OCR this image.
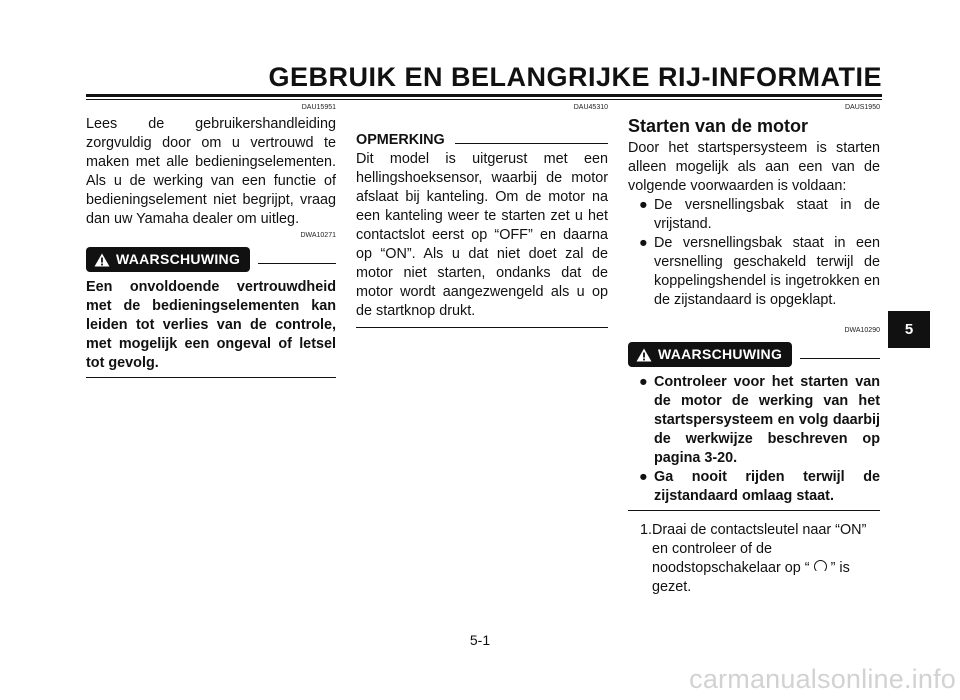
GEBRUIK EN BELANGRIJKE RIJ-INFORMATIE
DAU15951
Lees de gebruikershandleiding zorgvuldig door om u vertrouwd te maken met alle bedieningselementen. Als u de werking van een functie of bedieningselement niet begrijpt, vraag dan uw Yamaha dealer om uitleg.
DWA10271
WAARSCHUWING
Een onvoldoende vertrouwdheid met de bedieningselementen kan leiden tot verlies van de controle, met mogelijk een ongeval of letsel tot gevolg.
DAU45310
OPMERKING
Dit model is uitgerust met een hellingshoeksensor, waarbij de motor afslaat bij kanteling. Om de motor na een kanteling weer te starten zet u het contactslot eerst op “OFF” en daarna op “ON”. Als u dat niet doet zal de motor niet starten, ondanks dat de motor wordt aangezwengeld als u op de startknop drukt.
DAUS1950
Starten van de motor
Door het startspersysteem is starten alleen mogelijk als aan een van de volgende voorwaarden is voldaan:
● De versnellingsbak staat in de vrijstand.
● De versnellingsbak staat in een versnelling geschakeld terwijl de koppelingshendel is ingetrokken en de zijstandaard is opgeklapt.
DWA10290
WAARSCHUWING
● Controleer voor het starten van de motor de werking van het startspersysteem en volg daarbij de werkwijze beschreven op pagina 3-20.
● Ga nooit rijden terwijl de zijstandaard omlaag staat.
1. Draai de contactsleutel naar “ON” en controleer of de noodstopschakelaar op “ ” is gezet.
5
5-1
carmanualsonline.info
